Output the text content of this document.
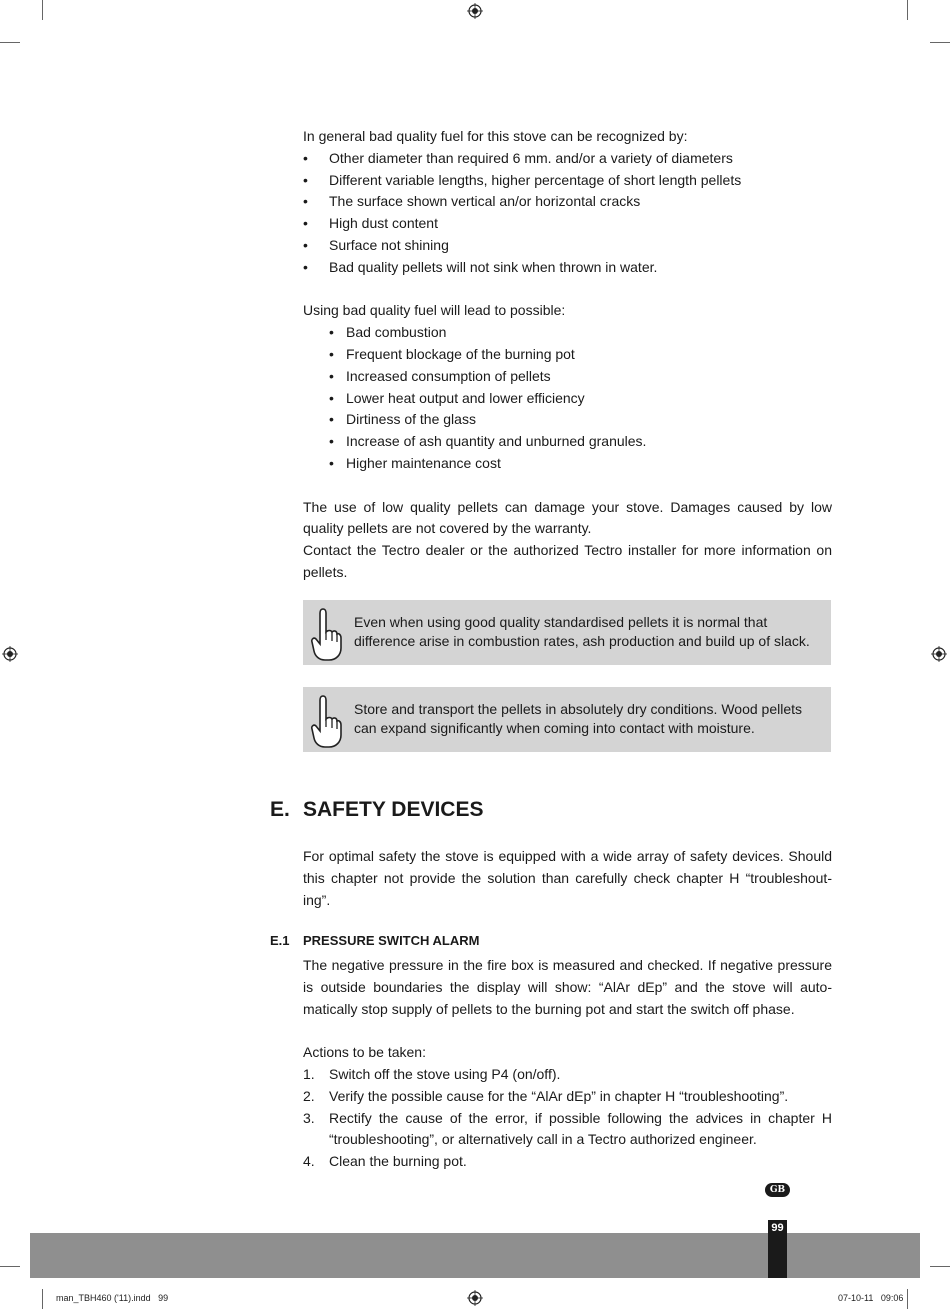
In general bad quality fuel for this stove can be recognized by:
• Other diameter than required 6 mm. and/or a variety of diameters
• Different variable lengths, higher percentage of short length pellets
• The surface shown vertical an/or horizontal cracks
• High dust content
• Surface not shining
• Bad quality pellets will not sink when thrown in water.
Using bad quality fuel will lead to possible:
• Bad combustion
• Frequent blockage of the burning pot
• Increased consumption of pellets
• Lower heat output and lower efficiency
• Dirtiness of the glass
• Increase of ash quantity and unburned granules.
• Higher maintenance cost
The use of low quality pellets can damage your stove. Damages caused by low quality pellets are not covered by the warranty.
Contact the Tectro dealer or the authorized Tectro installer for more information on pellets.
Even when using good quality standardised pellets it is normal that
difference arise in combustion rates, ash production and build up of slack.
Store and transport the pellets in absolutely dry conditions. Wood pellets
can expand significantly when coming into contact with moisture.
E. SAFETY DEVICES
For optimal safety the stove is equipped with a wide array of safety devices. Should this chapter not provide the solution than carefully check chapter H “troubleshout-ing”.
E.1 PRESSURE SWITCH ALARM
The negative pressure in the fire box is measured and checked. If negative pressure is outside boundaries the display will show: “AlAr dEp” and the stove will auto-matically stop supply of pellets to the burning pot and start the switch off phase.
Actions to be taken:
1. Switch off the stove using P4 (on/off).
2. Verify the possible cause for the “AlAr dEp” in chapter H “troubleshooting”.
3. Rectify the cause of the error, if possible following the advices in chapter H “troubleshooting”, or alternatively call in a Tectro authorized engineer.
4. Clean the burning pot.
GB
99
man_TBH460 ('11).indd   99	07-10-11   09:06
